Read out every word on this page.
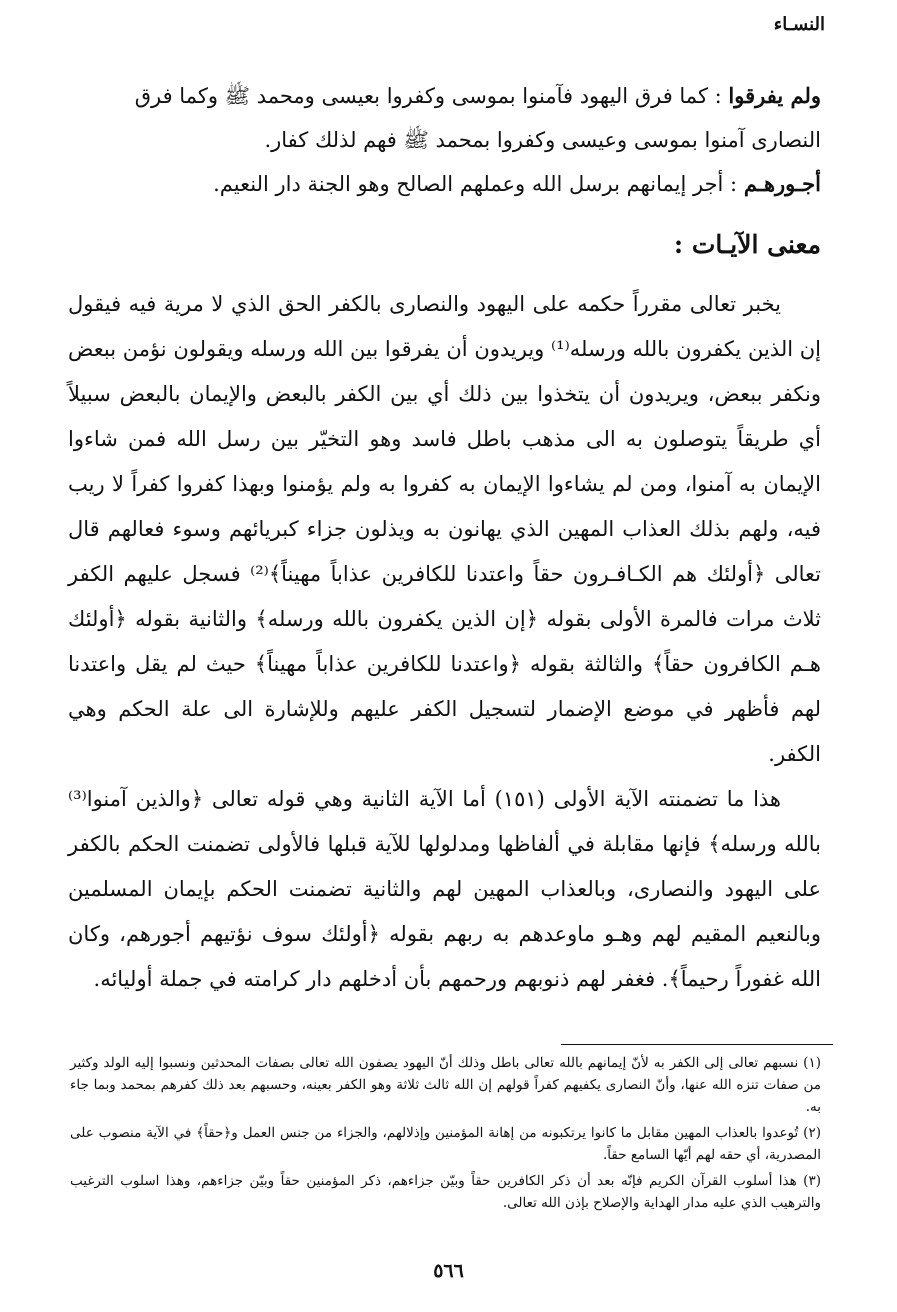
النسـاء
ولم يفرقوا : كما فرق اليهود فآمنوا بموسى وكفروا بعيسى ومحمد ﷺ وكما فرق النصارى آمنوا بموسى وعيسى وكفروا بمحمد ﷺ فهم لذلك كفار.
أجـورهـم : أجر إيمانهم برسل الله وعملهم الصالح وهو الجنة دار النعيم.
معنى الآيـات :

يخبر تعالى مقرراً حكمه على اليهود والنصارى بالكفر الحق الذي لا مرية فيه فيقول إن الذين يكفرون بالله ورسله⁽¹⁾ ويريدون أن يفرقوا بين الله ورسله ويقولون نؤمن ببعض ونكفر ببعض، ويريدون أن يتخذوا بين ذلك أي بين الكفر بالبعض والإيمان بالبعض سبيلاً أي طريقاً يتوصلون به الى مذهب باطل فاسد وهو التخيّر بين رسل الله فمن شاءوا الإيمان به آمنوا، ومن لم يشاءوا الإيمان به كفروا به ولم يؤمنوا وبهذا كفروا كفراً لا ريب فيه، ولهم بذلك العذاب المهين الذي يهانون به ويذلون جزاء كبريائهم وسوء فعالهم قال تعالى ﴿أولئك هم الكـافـرون حقاً واعتدنا للكافرين عذاباً مهيناً﴾⁽²⁾ فسجل عليهم الكفر ثلاث مرات فالمرة الأولى بقوله ﴿إن الذين يكفرون بالله ورسله﴾ والثانية بقوله ﴿أولئك هـم الكافرون حقاً﴾ والثالثة بقوله ﴿واعتدنا للكافرين عذاباً مهيناً﴾ حيث لم يقل واعتدنا لهم فأظهر في موضع الإضمار لتسجيل الكفر عليهم وللإشارة الى علة الحكم وهي الكفر.

هذا ما تضمنته الآية الأولى (١٥١) أما الآية الثانية وهي قوله تعالى ﴿والذين آمنوا⁽³⁾ بالله ورسله﴾ فإنها مقابلة في ألفاظها ومدلولها للآية قبلها فالأولى تضمنت الحكم بالكفر على اليهود والنصارى، وبالعذاب المهين لهم والثانية تضمنت الحكم بإيمان المسلمين وبالنعيم المقيم لهم وهـو ماوعدهم به ربهم بقوله ﴿أولئك سوف نؤتيهم أجورهم، وكان الله غفوراً رحيماً﴾. فغفر لهم ذنوبهم ورحمهم بأن أدخلهم دار كرامته في جملة أوليائه.

(١) نسبهم تعالى إلى الكفر به لأنّ إيمانهم بالله تعالى باطل وذلك أنّ اليهود يصفون الله تعالى بصفات المحدثين ونسبوا إليه الولد وكثير من صفات تنزه الله عنها، وأنّ النصارى يكفيهم كفراً قولهم إن الله ثالث ثلاثة وهو الكفر بعينه، وحسبهم بعد ذلك كفرهم بمحمد وبما جاء به.

(٢) تُوعدوا بالعذاب المهين مقابل ما كانوا يرتكبونه من إهانة المؤمنين وإذلالهم، والجزاء من جنس العمل و﴿حقاً﴾ في الآية منصوب على المصدرية، أي حقه لهم أيّها السامع حقاً.

(٣) هذا أسلوب القرآن الكريم فإنّه بعد أن ذكر الكافرين حقاً وبيّن جزاءهم، ذكر المؤمنين حقاً وبيّن جزاءهم، وهذا اسلوب الترغيب والترهيب الذي عليه مدار الهداية والإصلاح بإذن الله تعالى.

٥٦٦
